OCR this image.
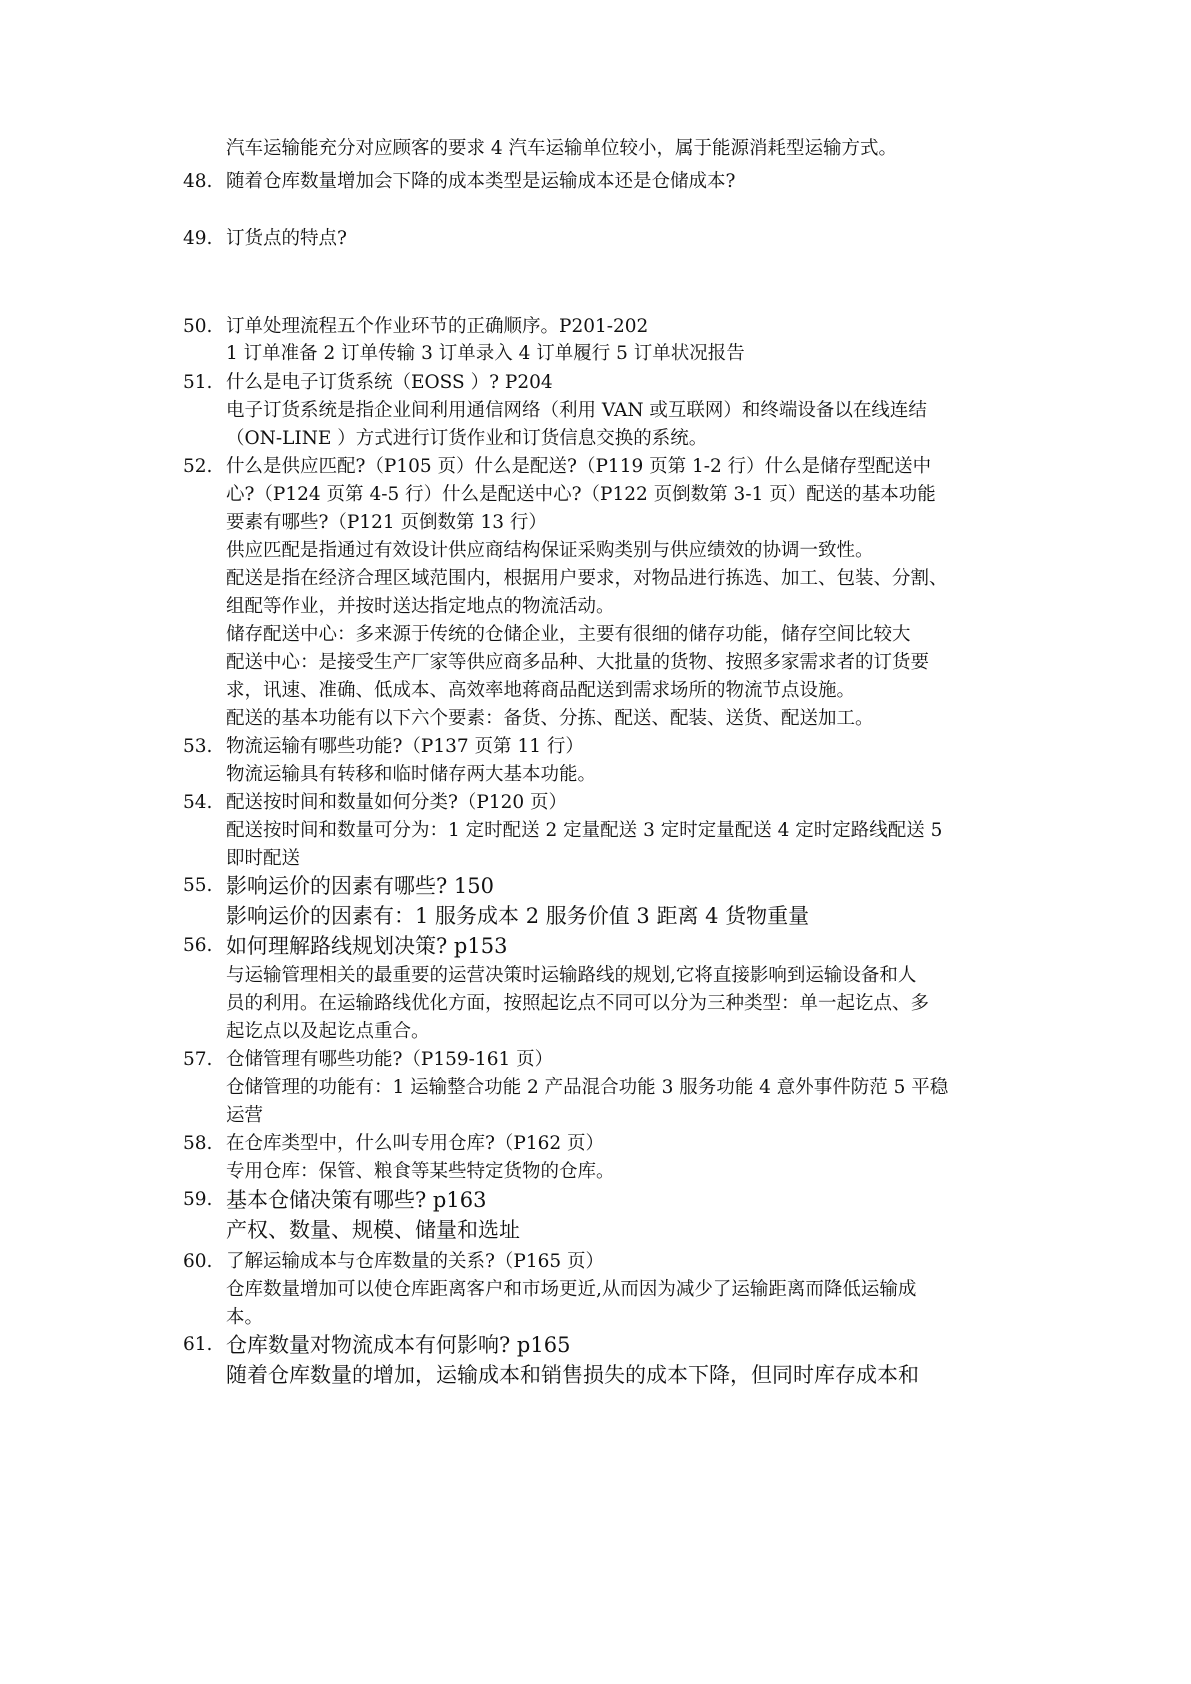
汽车运输能充分对应顾客的要求 4 汽车运输单位较小，属于能源消耗型运输方式。
48. 随着仓库数量增加会下降的成本类型是运输成本还是仓储成本?
49. 订货点的特点?
50. 订单处理流程五个作业环节的正确顺序。P201-202
1 订单准备 2 订单传输 3 订单录入 4 订单履行 5 订单状况报告
51. 什么是电子订货系统（EOSS ）? P204
电子订货系统是指企业间利用通信网络（利用 VAN 或互联网）和终端设备以在线连结
（ON-LINE ）方式进行订货作业和订货信息交换的系统。
52. 什么是供应匹配?（P105 页）什么是配送?（P119 页第 1-2 行）什么是储存型配送中
心?（P124 页第 4-5 行）什么是配送中心?（P122 页倒数第 3-1 页）配送的基本功能
要素有哪些?（P121 页倒数第 13 行）
供应匹配是指通过有效设计供应商结构保证采购类别与供应绩效的协调一致性。
配送是指在经济合理区域范围内，根据用户要求，对物品进行拣选、加工、包装、分割、
组配等作业，并按时送达指定地点的物流活动。
储存配送中心：多来源于传统的仓储企业，主要有很细的储存功能，储存空间比较大
配送中心：是接受生产厂家等供应商多品种、大批量的货物、按照多家需求者的订货要
求，讯速、准确、低成本、高效率地蒋商品配送到需求场所的物流节点设施。
配送的基本功能有以下六个要素：备货、分拣、配送、配装、送货、配送加工。
53. 物流运输有哪些功能?（P137 页第 11 行）
物流运输具有转移和临时储存两大基本功能。
54. 配送按时间和数量如何分类?（P120 页）
配送按时间和数量可分为：1 定时配送 2 定量配送 3 定时定量配送 4 定时定路线配送 5
即时配送
55. 影响运价的因素有哪些? 150
影响运价的因素有：1 服务成本 2 服务价值 3 距离 4 货物重量
56. 如何理解路线规划决策? p153
与运输管理相关的最重要的运营决策时运输路线的规划,它将直接影响到运输设备和人
员的利用。在运输路线优化方面，按照起讫点不同可以分为三种类型：单一起讫点、多
起讫点以及起讫点重合。
57. 仓储管理有哪些功能?（P159-161 页）
仓储管理的功能有：1 运输整合功能 2 产品混合功能 3 服务功能 4 意外事件防范 5 平稳
运营
58. 在仓库类型中，什么叫专用仓库?（P162 页）
专用仓库：保管、粮食等某些特定货物的仓库。
59. 基本仓储决策有哪些? p163
产权、数量、规模、储量和选址
60. 了解运输成本与仓库数量的关系?（P165 页）
仓库数量增加可以使仓库距离客户和市场更近,从而因为减少了运输距离而降低运输成
本。
61. 仓库数量对物流成本有何影响? p165
随着仓库数量的增加，运输成本和销售损失的成本下降，但同时库存成本和
